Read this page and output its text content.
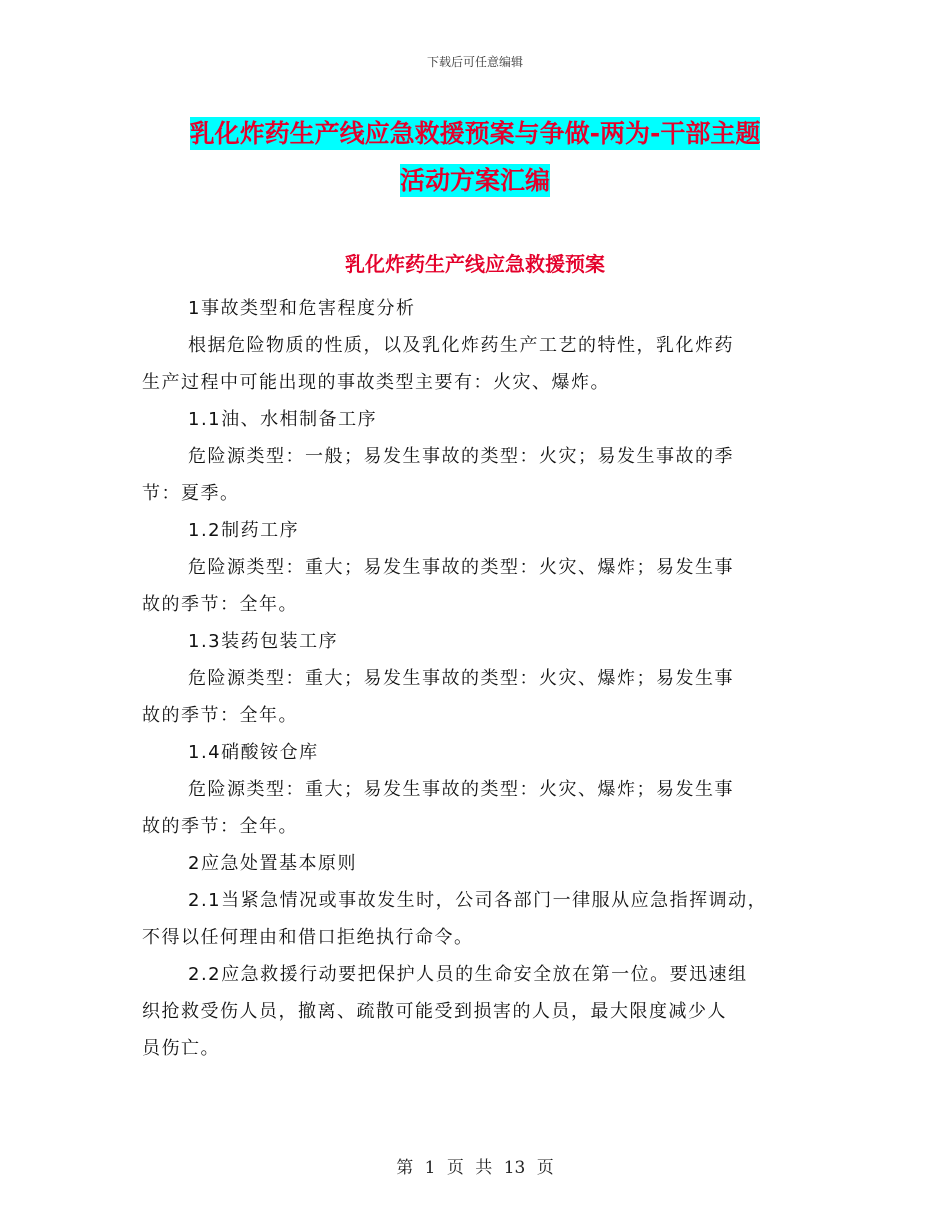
下载后可任意编辑
乳化炸药生产线应急救援预案与争做-两为-干部主题
活动方案汇编
乳化炸药生产线应急救援预案
1事故类型和危害程度分析
根据危险物质的性质，以及乳化炸药生产工艺的特性，乳化炸药
生产过程中可能出现的事故类型主要有：火灾、爆炸。
1.1油、水相制备工序
危险源类型：一般；易发生事故的类型：火灾；易发生事故的季
节：夏季。
1.2制药工序
危险源类型：重大；易发生事故的类型：火灾、爆炸；易发生事
故的季节：全年。
1.3装药包装工序
危险源类型：重大；易发生事故的类型：火灾、爆炸；易发生事
故的季节：全年。
1.4硝酸铵仓库
危险源类型：重大；易发生事故的类型：火灾、爆炸；易发生事
故的季节：全年。
2应急处置基本原则
2.1当紧急情况或事故发生时，公司各部门一律服从应急指挥调动，
不得以任何理由和借口拒绝执行命令。
2.2应急救援行动要把保护人员的生命安全放在第一位。要迅速组
织抢救受伤人员，撤离、疏散可能受到损害的人员，最大限度减少人
员伤亡。
第 1 页 共 13 页
